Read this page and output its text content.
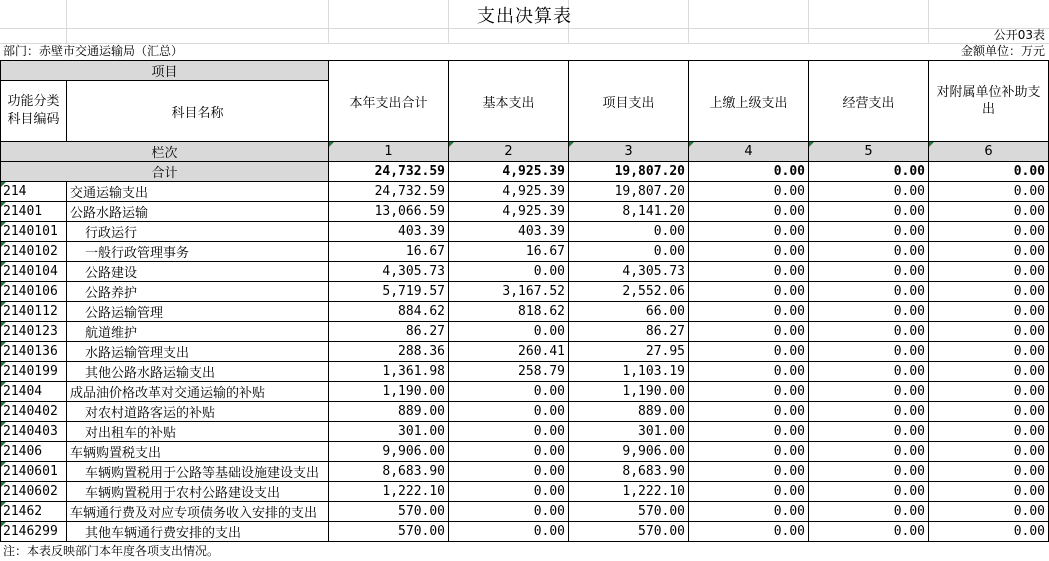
支出决算表
公开03表
部门：赤壁市交通运输局（汇总）	金额单位：万元
项目		本年支出合计	基本支出	项目支出	上缴上级支出	经营支出	对附属单位补助支出
功能分类科目编码	科目名称						

栏次		1	2	3	4	5	6
合计		24,732.59	4,925.39	19,807.20	0.00	0.00	0.00
214	交通运输支出	24,732.59	4,925.39	19,807.20	0.00	0.00	0.00
21401	公路水路运输	13,066.59	4,925.39	8,141.20	0.00	0.00	0.00
2140101	行政运行	403.39	403.39	0.00	0.00	0.00	0.00
2140102	一般行政管理事务	16.67	16.67	0.00	0.00	0.00	0.00
2140104	公路建设	4,305.73	0.00	4,305.73	0.00	0.00	0.00
2140106	公路养护	5,719.57	3,167.52	2,552.06	0.00	0.00	0.00
2140112	公路运输管理	884.62	818.62	66.00	0.00	0.00	0.00
2140123	航道维护	86.27	0.00	86.27	0.00	0.00	0.00
2140136	水路运输管理支出	288.36	260.41	27.95	0.00	0.00	0.00
2140199	其他公路水路运输支出	1,361.98	258.79	1,103.19	0.00	0.00	0.00
21404	成品油价格改革对交通运输的补贴	1,190.00	0.00	1,190.00	0.00	0.00	0.00
2140402	对农村道路客运的补贴	889.00	0.00	889.00	0.00	0.00	0.00
2140403	对出租车的补贴	301.00	0.00	301.00	0.00	0.00	0.00
21406	车辆购置税支出	9,906.00	0.00	9,906.00	0.00	0.00	0.00
2140601	车辆购置税用于公路等基础设施建设支出	8,683.90	0.00	8,683.90	0.00	0.00	0.00
2140602	车辆购置税用于农村公路建设支出	1,222.10	0.00	1,222.10	0.00	0.00	0.00
21462	车辆通行费及对应专项债务收入安排的支出	570.00	0.00	570.00	0.00	0.00	0.00
2146299	其他车辆通行费安排的支出	570.00	0.00	570.00	0.00	0.00	0.00
注：本表反映部门本年度各项支出情况。
